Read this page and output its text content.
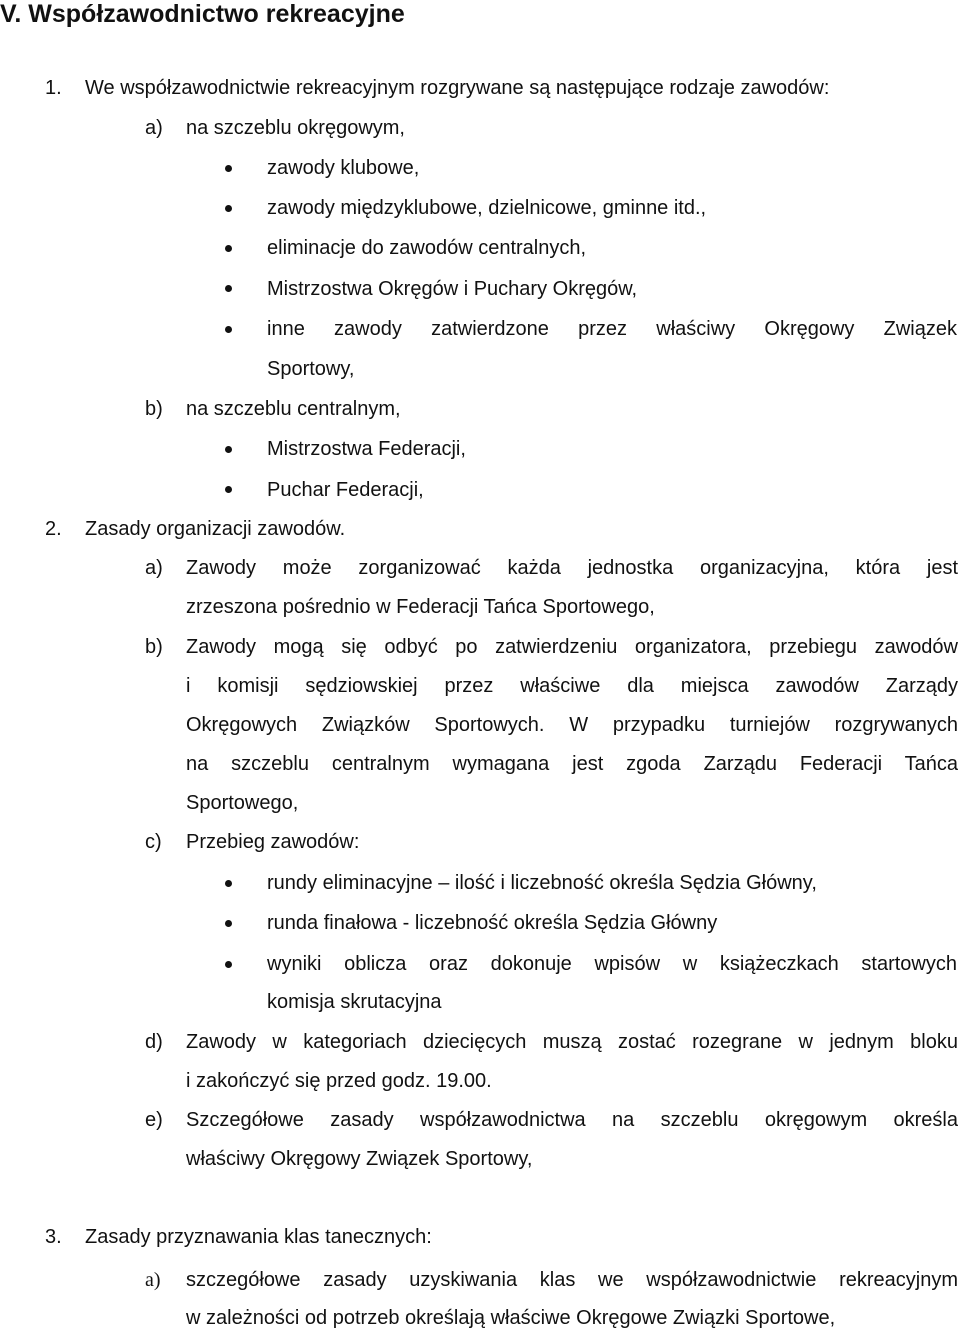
V. Współzawodnictwo rekreacyjne
1. We współzawodnictwie rekreacyjnym rozgrywane są następujące rodzaje zawodów:
a) na szczeblu okręgowym,
zawody klubowe,
zawody międzyklubowe, dzielnicowe, gminne itd.,
eliminacje do zawodów centralnych,
Mistrzostwa Okręgów i Puchary Okręgów,
inne zawody zatwierdzone przez właściwy Okręgowy Związek
Sportowy,
b) na szczeblu centralnym,
Mistrzostwa Federacji,
Puchar Federacji,
2. Zasady organizacji zawodów.
a) Zawody może zorganizować każda jednostka organizacyjna, która jest
zrzeszona pośrednio w Federacji Tańca Sportowego,
b) Zawody mogą się odbyć po zatwierdzeniu organizatora, przebiegu zawodów
i komisji sędziowskiej przez właściwe dla miejsca zawodów Zarządy
Okręgowych Związków Sportowych. W przypadku turniejów rozgrywanych
na szczeblu centralnym wymagana jest zgoda Zarządu Federacji Tańca
Sportowego,
c) Przebieg zawodów:
rundy eliminacyjne – ilość i liczebność określa Sędzia Główny,
runda finałowa - liczebność określa Sędzia Główny
wyniki oblicza oraz dokonuje wpisów w książeczkach startowych
komisja skrutacyjna
d) Zawody w kategoriach dziecięcych muszą zostać rozegrane w jednym bloku
i zakończyć się przed godz. 19.00.
e) Szczegółowe zasady współzawodnictwa na szczeblu okręgowym określa
właściwy Okręgowy Związek Sportowy,
3. Zasady przyznawania klas tanecznych:
a) szczegółowe zasady uzyskiwania klas we współzawodnictwie rekreacyjnym
w zależności od potrzeb określają właściwe Okręgowe Związki Sportowe,
